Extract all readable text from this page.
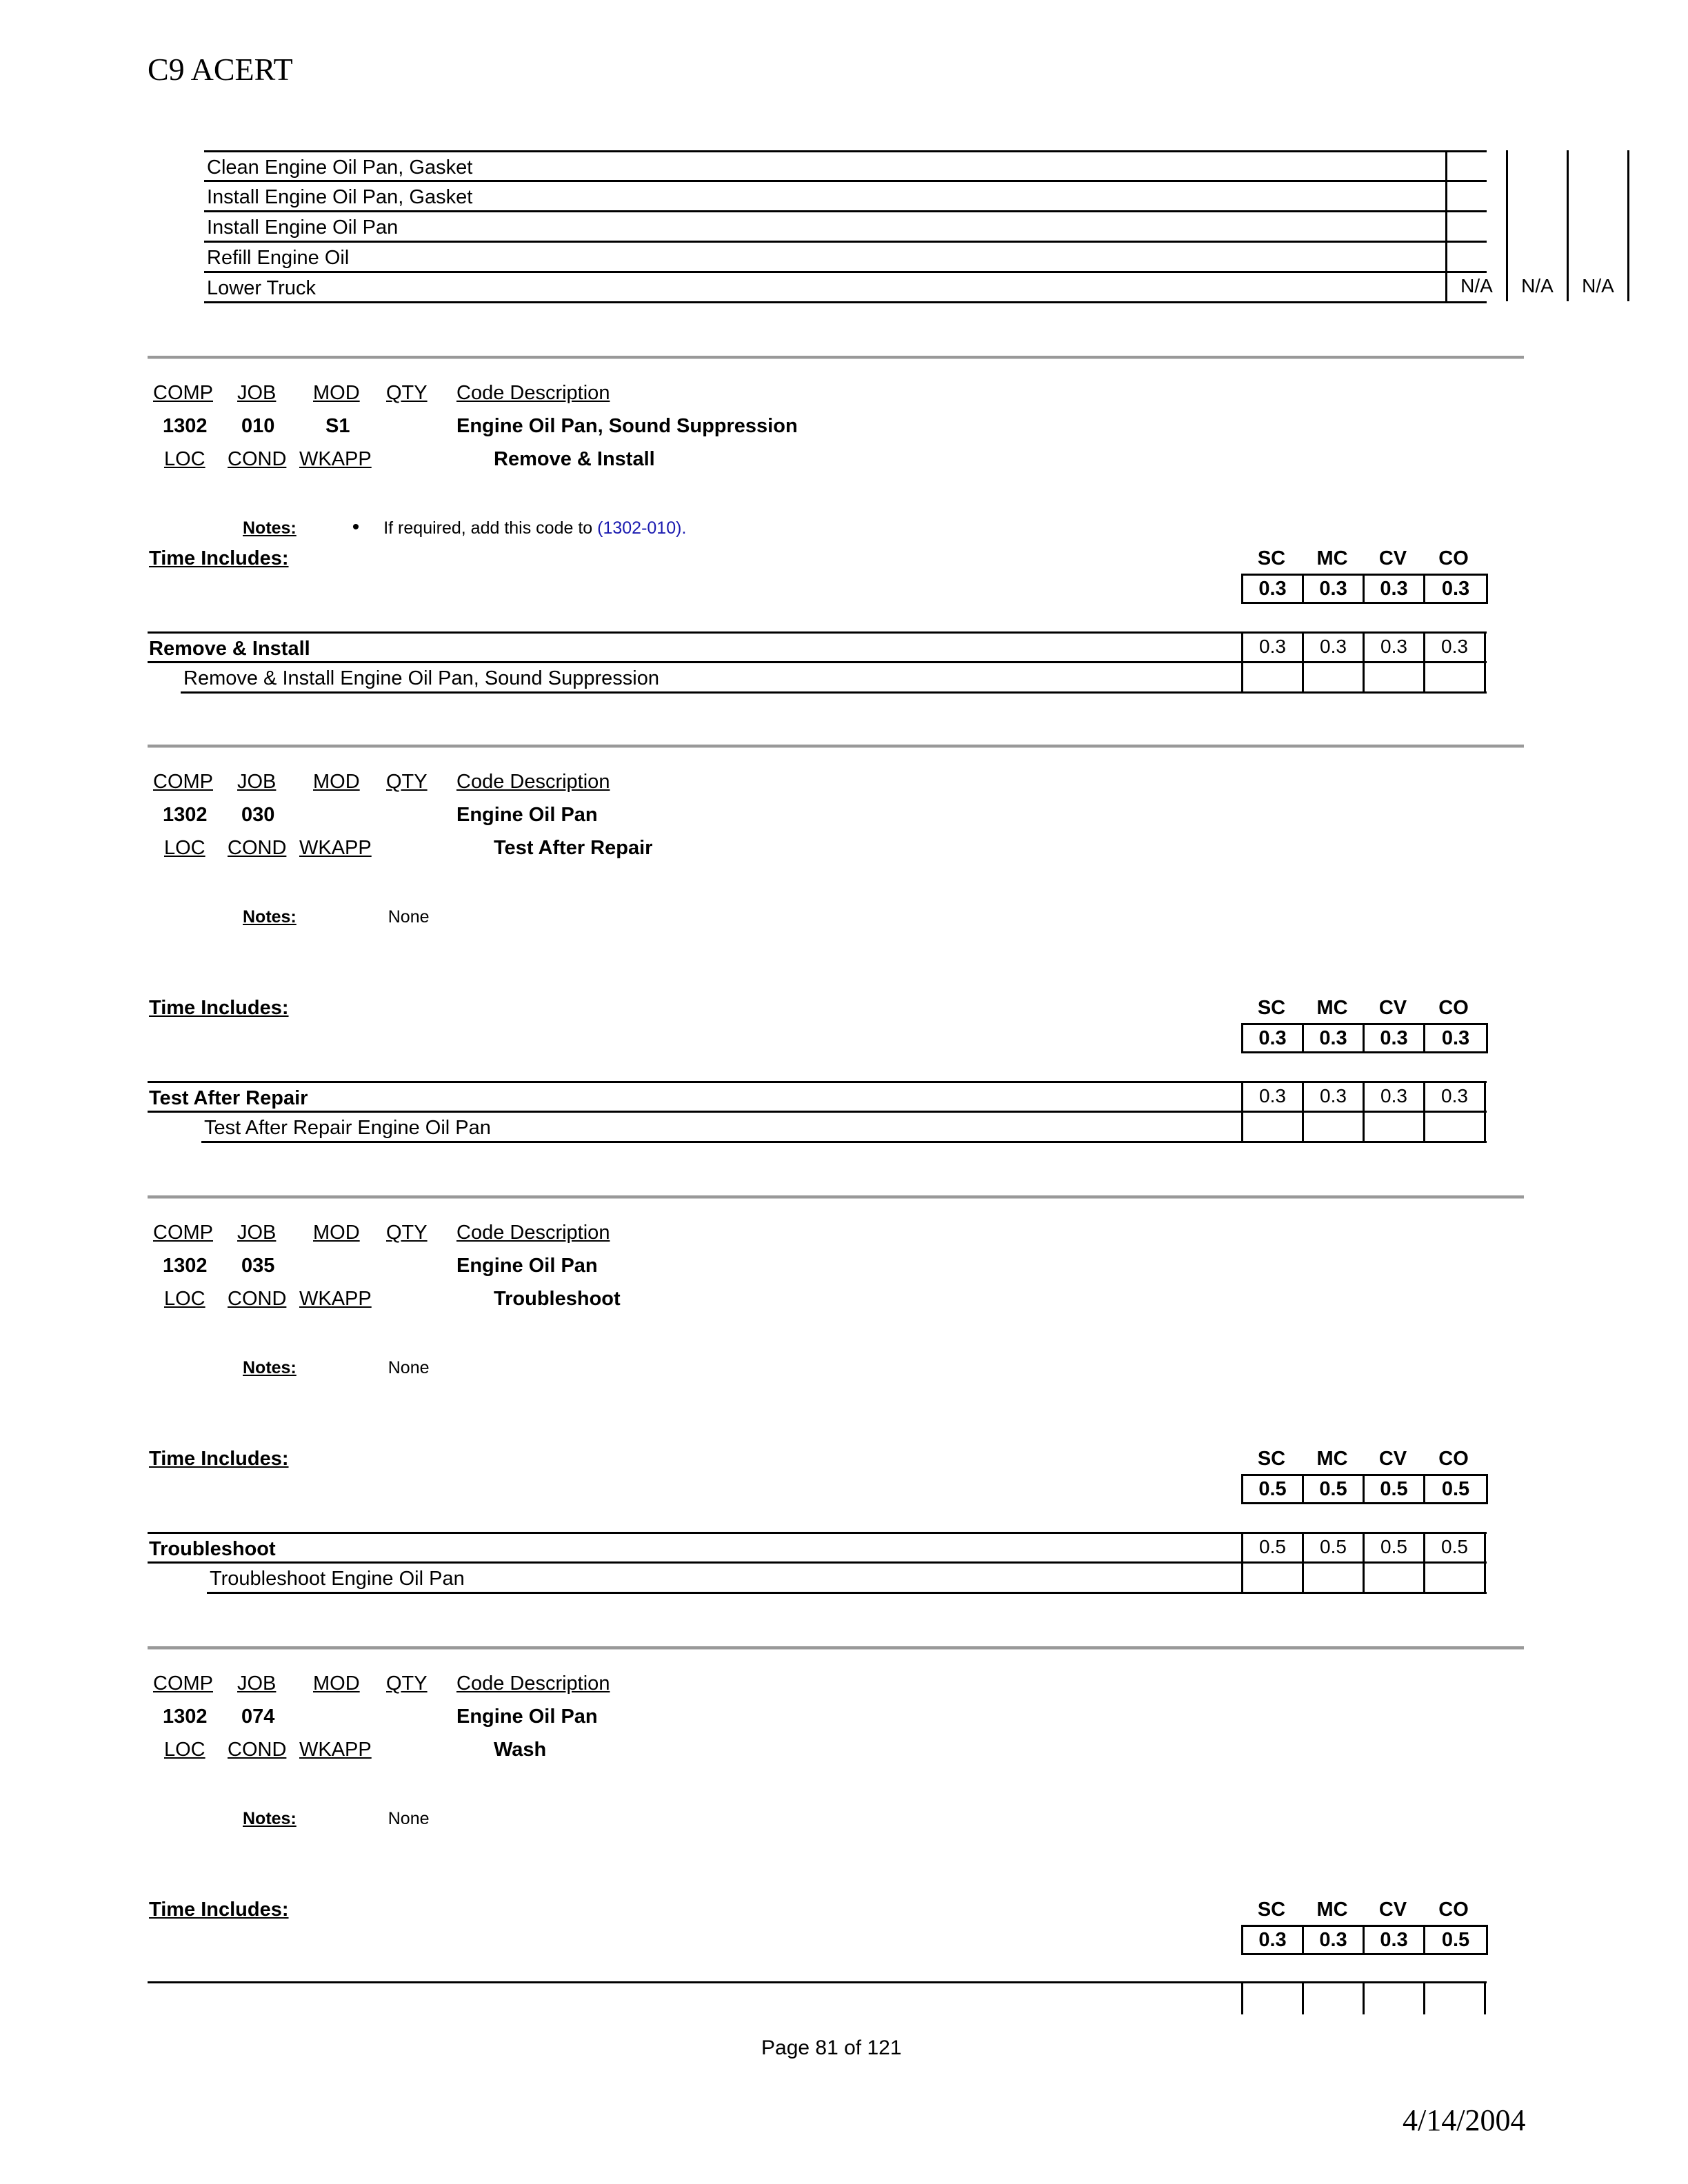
C9 ACERT
Clean Engine Oil Pan, Gasket
Install Engine Oil Pan, Gasket
Install Engine Oil Pan
Refill Engine Oil
Lower Truck	N/A	N/A	N/A
COMP JOB MOD QTY Code Description
1302 010	S1	Engine Oil Pan, Sound Suppression
LOC COND WKAPP	Remove & Install
Notes:	• If required, add this code to (1302-010).
Time Includes:	SC	MC	CV	CO
0.3	0.3	0.3	0.3
Remove & Install	0.3	0.3	0.3	0.3
Remove & Install Engine Oil Pan, Sound Suppression
COMP JOB MOD QTY Code Description
1302 030	Engine Oil Pan
LOC COND WKAPP	Test After Repair
Notes:	None
Time Includes:	SC	MC	CV	CO
0.3	0.3	0.3	0.3
Test After Repair	0.3	0.3	0.3	0.3
Test After Repair Engine Oil Pan
COMP JOB MOD QTY Code Description
1302 035	Engine Oil Pan
LOC COND WKAPP	Troubleshoot
Notes:	None
Time Includes:	SC	MC	CV	CO
0.5	0.5	0.5	0.5
Troubleshoot	0.5	0.5	0.5	0.5
Troubleshoot Engine Oil Pan
COMP JOB MOD QTY Code Description
1302 074	Engine Oil Pan
LOC COND WKAPP	Wash
Notes:	None
Time Includes:	SC	MC	CV	CO
0.3	0.3	0.3	0.5
Page 81 of 121
4/14/2004
